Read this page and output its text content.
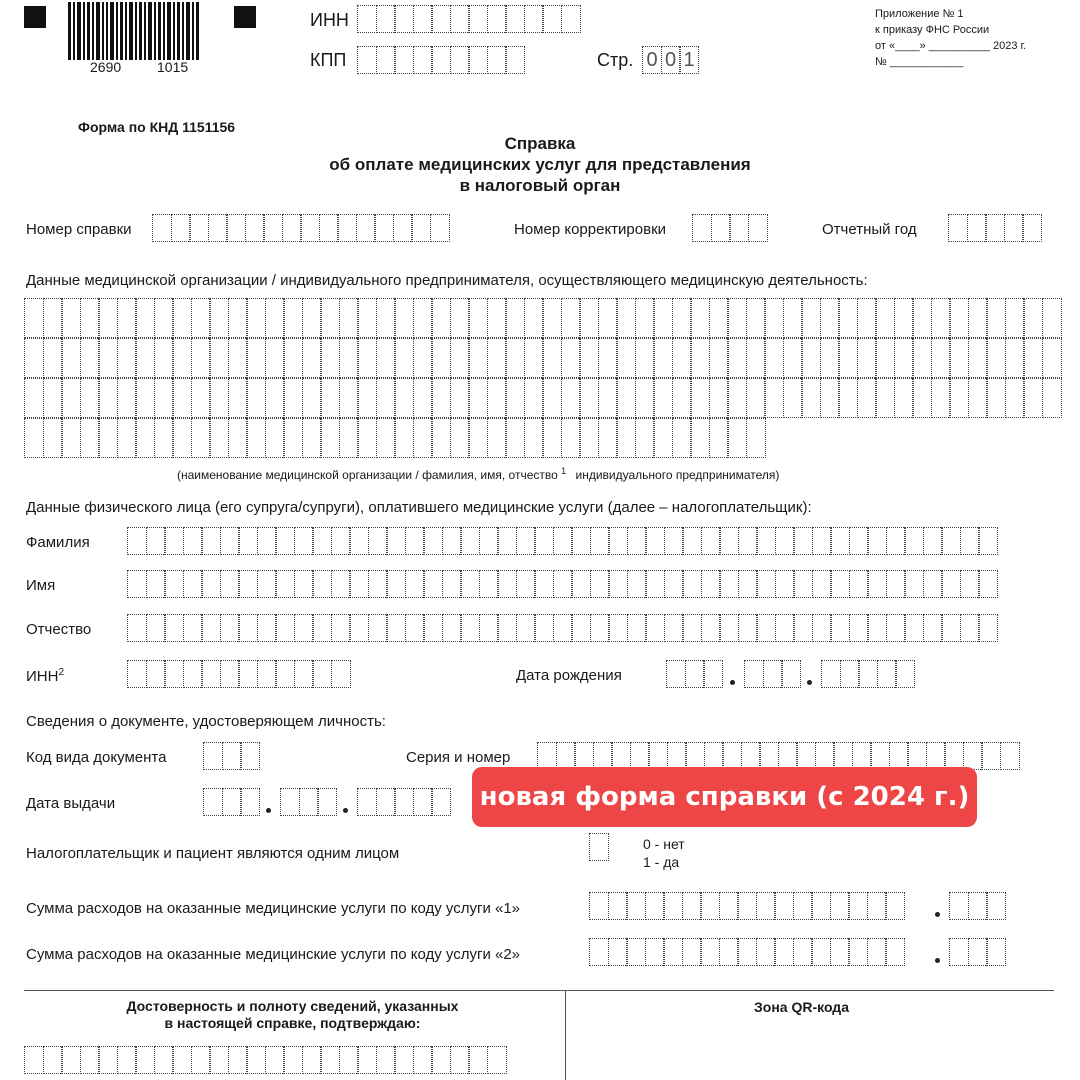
2690	1015
ИНН
КПП	Стр. 0 0 1
Приложение № 1
к приказу ФНС России
от «____» __________ 2023 г.
№ ____________
Форма по КНД 1151156
Справка
об оплате медицинских услуг для представления
в налоговый орган
Номер справки	Номер корректировки	Отчетный год
Данные медицинской организации / индивидуального предпринимателя, осуществляющего медицинскую деятельность:
(наименование медицинской организации / фамилия, имя, отчество $^1$ индивидуального предпринимателя)
Данные физического лица (его супруга/супруги), оплатившего медицинские услуги (далее – налогоплательщик):
Фамилия
Имя
Отчество
ИНН$^2$	Дата рождения
Сведения о документе, удостоверяющем личность:
Код вида документа	Серия и номер
Дата выдачи	новая форма справки (с 2024 г.)
Налогоплательщик и пациент являются одним лицом
0 - нет
1 - да
Сумма расходов на оказанные медицинские услуги по коду услуги «1»
Сумма расходов на оказанные медицинские услуги по коду услуги «2»
Достоверность и полноту сведений, указанных
в настоящей справке, подтверждаю:
Зона QR-кода
